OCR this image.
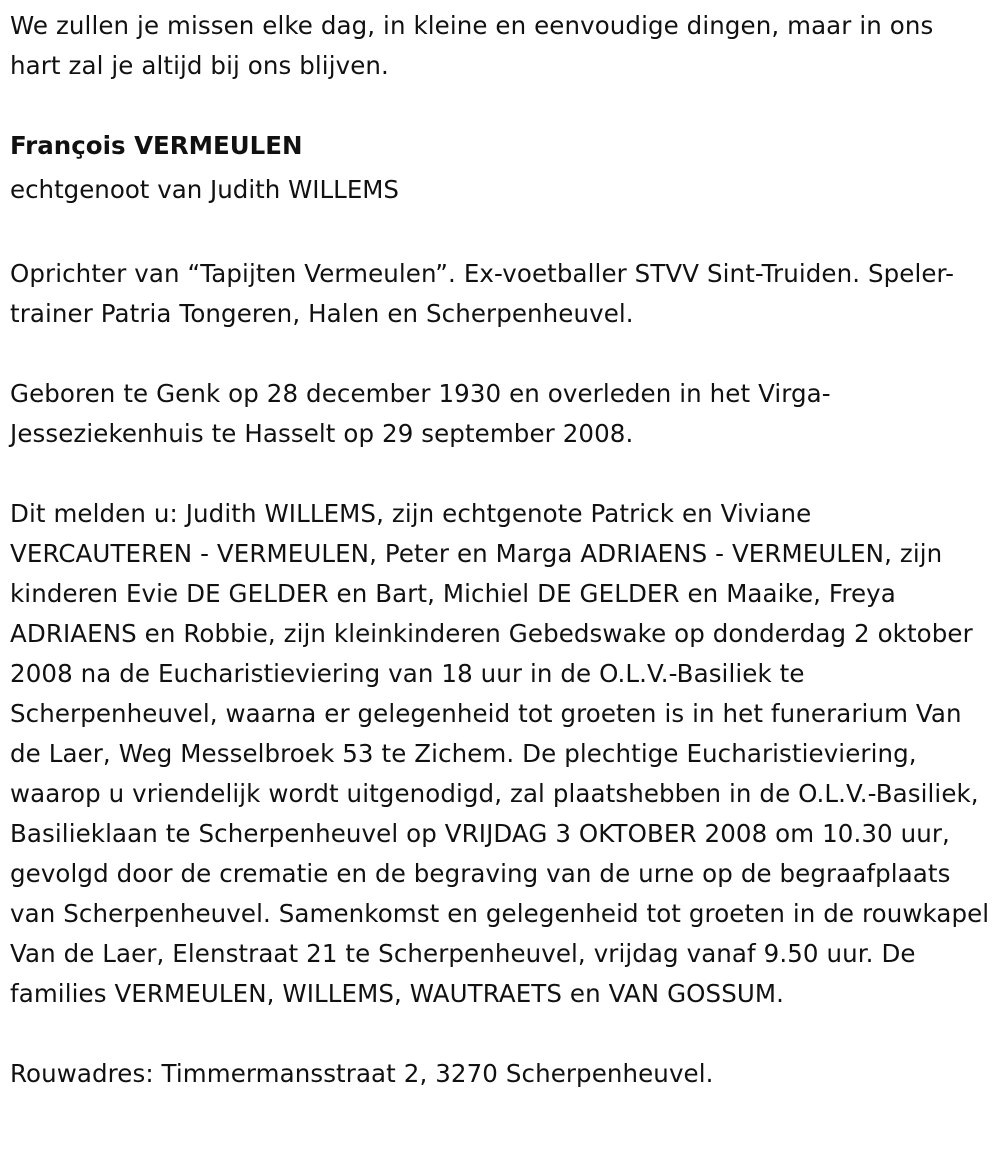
We zullen je missen elke dag, in kleine en eenvoudige dingen, maar in ons hart zal je altijd bij ons blijven.

François VERMEULEN

echtgenoot van Judith WILLEMS

Oprichter van “Tapijten Vermeulen”. Ex-voetballer STVV Sint-Truiden. Speler-trainer Patria Tongeren, Halen en Scherpenheuvel.

Geboren te Genk op 28 december 1930 en overleden in het Virga-Jesseziekenhuis te Hasselt op 29 september 2008.

Dit melden u: Judith WILLEMS, zijn echtgenote Patrick en Viviane VERCAUTEREN - VERMEULEN, Peter en Marga ADRIAENS - VERMEULEN, zijn kinderen Evie DE GELDER en Bart, Michiel DE GELDER en Maaike, Freya ADRIAENS en Robbie, zijn kleinkinderen Gebedswake op donderdag 2 oktober 2008 na de Eucharistieviering van 18 uur in de O.L.V.-Basiliek te Scherpenheuvel, waarna er gelegenheid tot groeten is in het funerarium Van de Laer, Weg Messelbroek 53 te Zichem. De plechtige Eucharistieviering, waarop u vriendelijk wordt uitgenodigd, zal plaatshebben in de O.L.V.-Basiliek, Basilieklaan te Scherpenheuvel op VRIJDAG 3 OKTOBER 2008 om 10.30 uur, gevolgd door de crematie en de begraving van de urne op de begraafplaats van Scherpenheuvel. Samenkomst en gelegenheid tot groeten in de rouwkapel Van de Laer, Elenstraat 21 te Scherpenheuvel, vrijdag vanaf 9.50 uur. De families VERMEULEN, WILLEMS, WAUTRAETS en VAN GOSSUM.

Rouwadres: Timmermansstraat 2, 3270 Scherpenheuvel.
